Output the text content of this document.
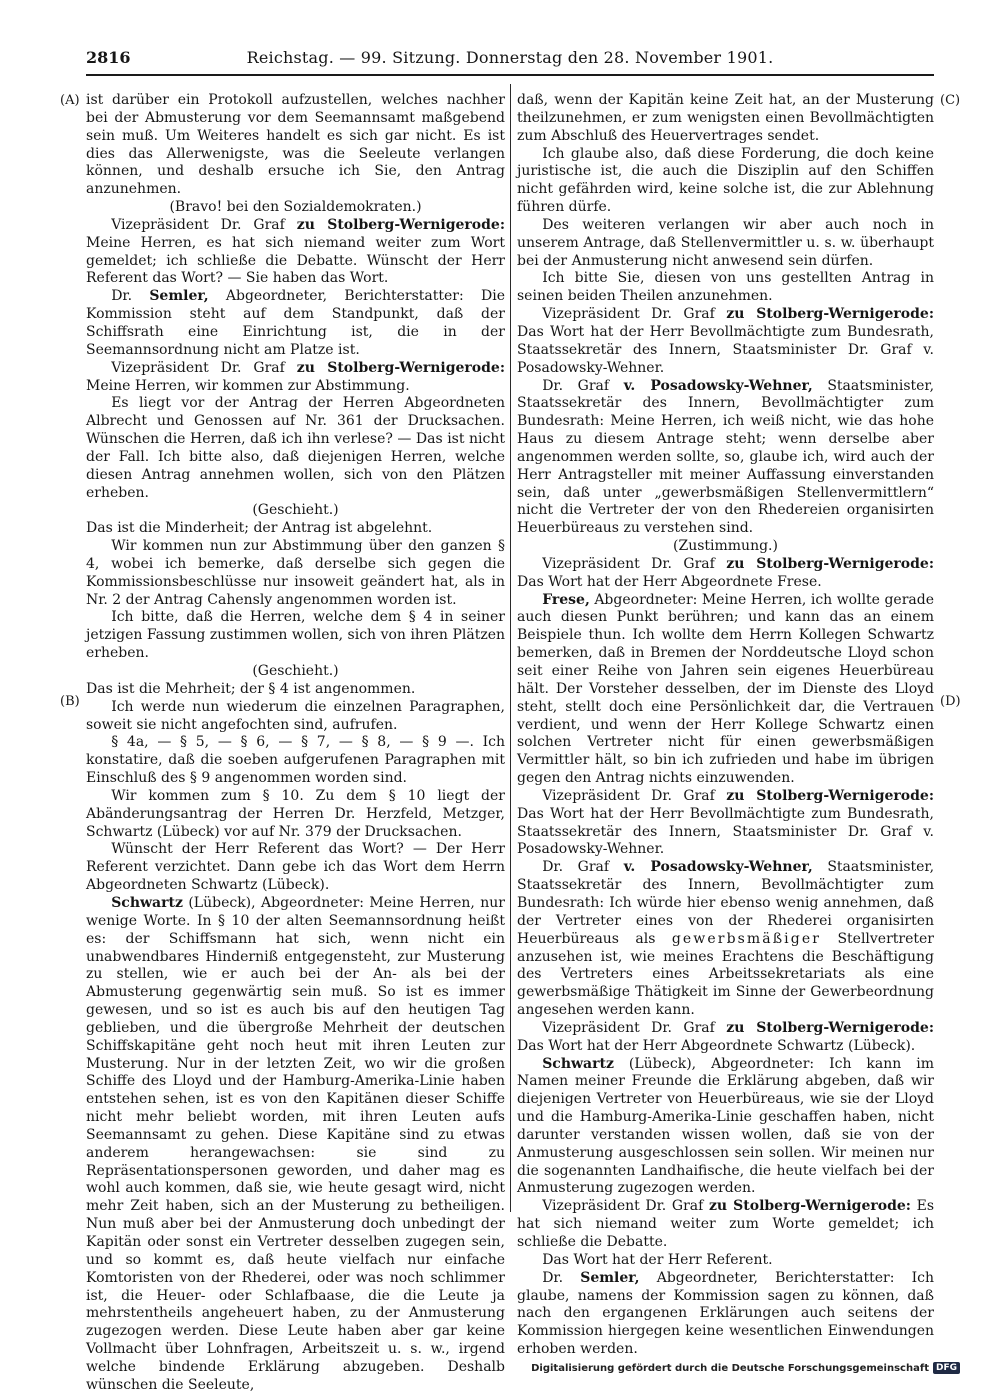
2816	Reichstag. — 99. Sitzung. Donnerstag den 28. November 1901.
(A)
(B)
(C)
(D)

ist darüber ein Protokoll aufzustellen, welches nachher bei der Abmusterung vor dem Seemannsamt maßgebend sein muß. Um Weiteres handelt es sich gar nicht. Es ist dies das Allerwenigste, was die Seeleute verlangen können, und deshalb ersuche ich Sie, den Antrag anzunehmen.

(Bravo! bei den Sozialdemokraten.)

Vizepräsident Dr. Graf zu Stolberg-Wernigerode: Meine Herren, es hat sich niemand weiter zum Wort gemeldet; ich schließe die Debatte. Wünscht der Herr Referent das Wort? — Sie haben das Wort.

Dr. Semler, Abgeordneter, Berichterstatter: Die Kommission steht auf dem Standpunkt, daß der Schiffsrath eine Einrichtung ist, die in der Seemannsordnung nicht am Platze ist.

Vizepräsident Dr. Graf zu Stolberg-Wernigerode: Meine Herren, wir kommen zur Abstimmung.

Es liegt vor der Antrag der Herren Abgeordneten Albrecht und Genossen auf Nr. 361 der Drucksachen. Wünschen die Herren, daß ich ihn verlese? — Das ist nicht der Fall. Ich bitte also, daß diejenigen Herren, welche diesen Antrag annehmen wollen, sich von den Plätzen erheben.

(Geschieht.)

Das ist die Minderheit; der Antrag ist abgelehnt.

Wir kommen nun zur Abstimmung über den ganzen § 4, wobei ich bemerke, daß derselbe sich gegen die Kommissionsbeschlüsse nur insoweit geändert hat, als in Nr. 2 der Antrag Cahensly angenommen worden ist.

Ich bitte, daß die Herren, welche dem § 4 in seiner jetzigen Fassung zustimmen wollen, sich von ihren Plätzen erheben.

(Geschieht.)

Das ist die Mehrheit; der § 4 ist angenommen.

Ich werde nun wiederum die einzelnen Paragraphen, soweit sie nicht angefochten sind, aufrufen.

§ 4a, — § 5, — § 6, — § 7, — § 8, — § 9 —. Ich konstatire, daß die soeben aufgerufenen Paragraphen mit Einschluß des § 9 angenommen worden sind.

Wir kommen zum § 10. Zu dem § 10 liegt der Abänderungsantrag der Herren Dr. Herzfeld, Metzger, Schwartz (Lübeck) vor auf Nr. 379 der Drucksachen.

Wünscht der Herr Referent das Wort? — Der Herr Referent verzichtet. Dann gebe ich das Wort dem Herrn Abgeordneten Schwartz (Lübeck).

Schwartz (Lübeck), Abgeordneter: Meine Herren, nur wenige Worte. In § 10 der alten Seemannsordnung heißt es: der Schiffsmann hat sich, wenn nicht ein unabwendbares Hinderniß entgegensteht, zur Musterung zu stellen, wie er auch bei der An- als bei der Abmusterung gegenwärtig sein muß. So ist es immer gewesen, und so ist es auch bis auf den heutigen Tag geblieben, und die übergroße Mehrheit der deutschen Schiffskapitäne geht noch heut mit ihren Leuten zur Musterung. Nur in der letzten Zeit, wo wir die großen Schiffe des Lloyd und der Hamburg-Amerika-Linie haben entstehen sehen, ist es von den Kapitänen dieser Schiffe nicht mehr beliebt worden, mit ihren Leuten aufs Seemannsamt zu gehen. Diese Kapitäne sind zu etwas anderem herangewachsen: sie sind zu Repräsentationspersonen geworden, und daher mag es wohl auch kommen, daß sie, wie heute gesagt wird, nicht mehr Zeit haben, sich an der Musterung zu betheiligen. Nun muß aber bei der Anmusterung doch unbedingt der Kapitän oder sonst ein Vertreter desselben zugegen sein, und so kommt es, daß heute vielfach nur einfache Komtoristen von der Rhederei, oder was noch schlimmer ist, die Heuer- oder Schlafbaase, die die Leute ja mehrstentheils angeheuert haben, zu der Anmusterung zugezogen werden. Diese Leute haben aber gar keine Vollmacht über Lohnfragen, Arbeitszeit u. s. w., irgend welche bindende Erklärung abzugeben. Deshalb wünschen die Seeleute,

daß, wenn der Kapitän keine Zeit hat, an der Musterung theilzunehmen, er zum wenigsten einen Bevollmächtigten zum Abschluß des Heuervertrages sendet.

Ich glaube also, daß diese Forderung, die doch keine juristische ist, die auch die Disziplin auf den Schiffen nicht gefährden wird, keine solche ist, die zur Ablehnung führen dürfe.

Des weiteren verlangen wir aber auch noch in unserem Antrage, daß Stellenvermittler u. s. w. überhaupt bei der Anmusterung nicht anwesend sein dürfen.

Ich bitte Sie, diesen von uns gestellten Antrag in seinen beiden Theilen anzunehmen.

Vizepräsident Dr. Graf zu Stolberg-Wernigerode: Das Wort hat der Herr Bevollmächtigte zum Bundesrath, Staatssekretär des Innern, Staatsminister Dr. Graf v. Posadowsky-Wehner.

Dr. Graf v. Posadowsky-Wehner, Staatsminister, Staatssekretär des Innern, Bevollmächtigter zum Bundesrath: Meine Herren, ich weiß nicht, wie das hohe Haus zu diesem Antrage steht; wenn derselbe aber angenommen werden sollte, so, glaube ich, wird auch der Herr Antragsteller mit meiner Auffassung einverstanden sein, daß unter „gewerbsmäßigen Stellenvermittlern“ nicht die Vertreter der von den Rhedereien organisirten Heuerbüreaus zu verstehen sind.

(Zustimmung.)

Vizepräsident Dr. Graf zu Stolberg-Wernigerode: Das Wort hat der Herr Abgeordnete Frese.

Frese, Abgeordneter: Meine Herren, ich wollte gerade auch diesen Punkt berühren; und kann das an einem Beispiele thun. Ich wollte dem Herrn Kollegen Schwartz bemerken, daß in Bremen der Norddeutsche Lloyd schon seit einer Reihe von Jahren sein eigenes Heuerbüreau hält. Der Vorsteher desselben, der im Dienste des Lloyd steht, stellt doch eine Persönlichkeit dar, die Vertrauen verdient, und wenn der Herr Kollege Schwartz einen solchen Vertreter nicht für einen gewerbsmäßigen Vermittler hält, so bin ich zufrieden und habe im übrigen gegen den Antrag nichts einzuwenden.

Vizepräsident Dr. Graf zu Stolberg-Wernigerode: Das Wort hat der Herr Bevollmächtigte zum Bundesrath, Staatssekretär des Innern, Staatsminister Dr. Graf v. Posadowsky-Wehner.

Dr. Graf v. Posadowsky-Wehner, Staatsminister, Staatssekretär des Innern, Bevollmächtigter zum Bundesrath: Ich würde hier ebenso wenig annehmen, daß der Vertreter eines von der Rhederei organisirten Heuerbüreaus als gewerbsmäßiger Stellvertreter anzusehen ist, wie meines Erachtens die Beschäftigung des Vertreters eines Arbeitssekretariats als eine gewerbsmäßige Thätigkeit im Sinne der Gewerbeordnung angesehen werden kann.

Vizepräsident Dr. Graf zu Stolberg-Wernigerode: Das Wort hat der Herr Abgeordnete Schwartz (Lübeck).

Schwartz (Lübeck), Abgeordneter: Ich kann im Namen meiner Freunde die Erklärung abgeben, daß wir diejenigen Vertreter von Heuerbüreaus, wie sie der Lloyd und die Hamburg-Amerika-Linie geschaffen haben, nicht darunter verstanden wissen wollen, daß sie von der Anmusterung ausgeschlossen sein sollen. Wir meinen nur die sogenannten Landhaifische, die heute vielfach bei der Anmusterung zugezogen werden.

Vizepräsident Dr. Graf zu Stolberg-Wernigerode: Es hat sich niemand weiter zum Worte gemeldet; ich schließe die Debatte.

Das Wort hat der Herr Referent.

Dr. Semler, Abgeordneter, Berichterstatter: Ich glaube, namens der Kommission sagen zu können, daß nach den ergangenen Erklärungen auch seitens der Kommission hiergegen keine wesentlichen Einwendungen erhoben werden.

Digitalisierung gefördert durch die Deutsche Forschungsgemeinschaft DFG
